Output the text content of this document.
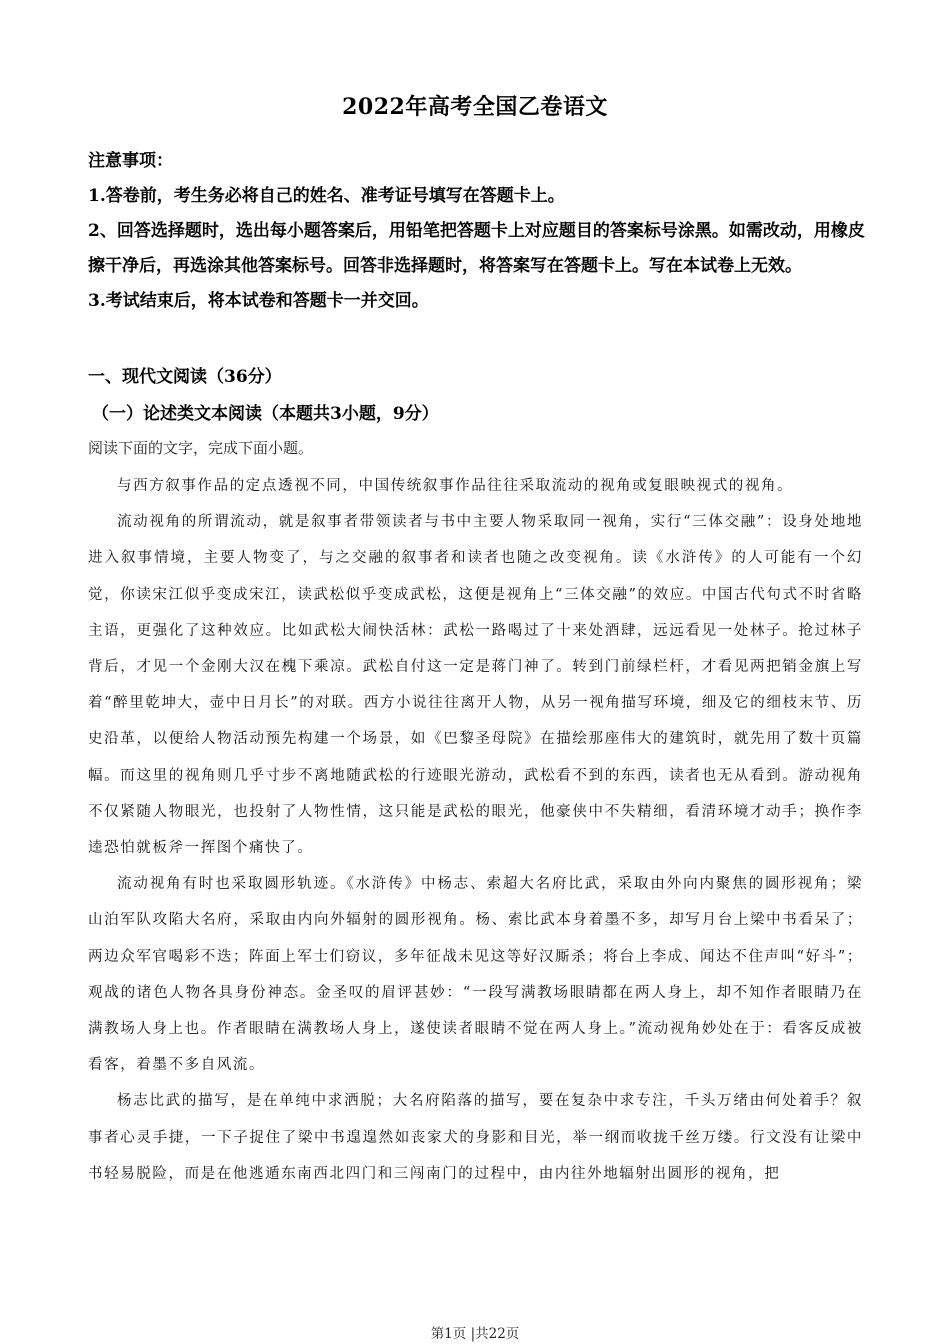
2022年高考全国乙卷语文

注意事项：

1.答卷前，考生务必将自己的姓名、准考证号填写在答题卡上。

2、回答选择题时，选出每小题答案后，用铅笔把答题卡上对应题目的答案标号涂黑。如需改动，用橡皮擦干净后，再选涂其他答案标号。回答非选择题时，将答案写在答题卡上。写在本试卷上无效。

3.考试结束后，将本试卷和答题卡一并交回。

一、现代文阅读（36分）
（一）论述类文本阅读（本题共3小题，9分）
阅读下面的文字，完成下面小题。

与西方叙事作品的定点透视不同，中国传统叙事作品往往采取流动的视角或复眼映视式的视角。

流动视角的所谓流动，就是叙事者带领读者与书中主要人物采取同一视角，实行“三体交融”：设身处地地进入叙事情境，主要人物变了，与之交融的叙事者和读者也随之改变视角。读《水浒传》的人可能有一个幻觉，你读宋江似乎变成宋江，读武松似乎变成武松，这便是视角上“三体交融”的效应。中国古代句式不时省略主语，更强化了这种效应。比如武松大闹快活林：武松一路喝过了十来处酒肆，远远看见一处林子。抢过林子背后，才见一个金刚大汉在槐下乘凉。武松自付这一定是蒋门神了。转到门前绿栏杆，才看见两把销金旗上写着“醉里乾坤大，壶中日月长”的对联。西方小说往往离开人物，从另一视角描写环境，细及它的细枝末节、历史沿革，以便给人物活动预先构建一个场景，如《巴黎圣母院》在描绘那座伟大的建筑时，就先用了数十页篇幅。而这里的视角则几乎寸步不离地随武松的行迹眼光游动，武松看不到的东西，读者也无从看到。游动视角不仅紧随人物眼光，也投射了人物性情，这只能是武松的眼光，他豪侠中不失精细，看清环境才动手；换作李逵恐怕就板斧一挥图个痛快了。

流动视角有时也采取圆形轨迹。《水浒传》中杨志、索超大名府比武，采取由外向内聚焦的圆形视角；梁山泊军队攻陷大名府，采取由内向外辐射的圆形视角。杨、索比武本身着墨不多，却写月台上梁中书看呆了；两边众军官喝彩不迭；阵面上军士们窃议，多年征战未见这等好汉厮杀；将台上李成、闻达不住声叫“好斗”；观战的诸色人物各具身份神态。金圣叹的眉评甚妙：“一段写满教场眼睛都在两人身上，却不知作者眼睛乃在满教场人身上也。作者眼睛在满教场人身上，遂使读者眼睛不觉在两人身上。”流动视角妙处在于：看客反成被看客，着墨不多自风流。

杨志比武的描写，是在单纯中求洒脱；大名府陷落的描写，要在复杂中求专注，千头万绪由何处着手？叙事者心灵手捷，一下子捉住了梁中书遑遑然如丧家犬的身影和目光，举一纲而收拢千丝万缕。行文没有让梁中书轻易脱险，而是在他逃遁东南西北四门和三闯南门的过程中，由内往外地辐射出圆形的视角，把

第1页 |共22页
